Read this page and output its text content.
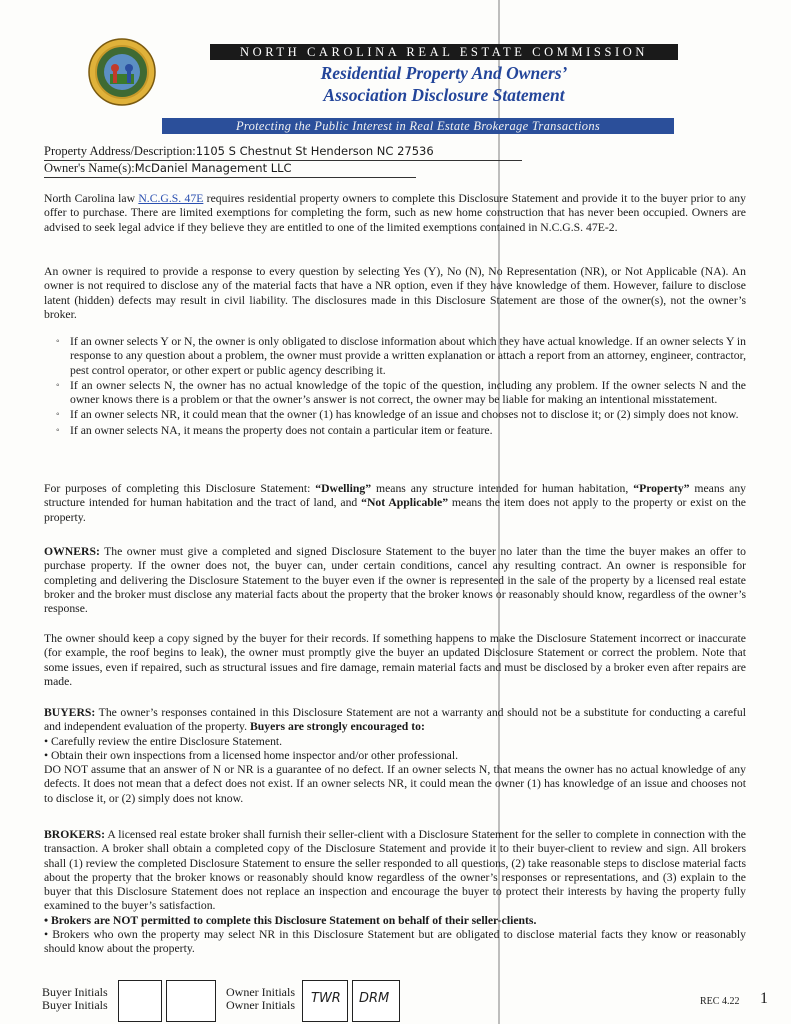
NORTH CAROLINA REAL ESTATE COMMISSION
Residential Property And Owners’
Association Disclosure Statement
Protecting the Public Interest in Real Estate Brokerage Transactions
Property Address/Description:1105 S Chestnut St Henderson NC 27536
Owner's Name(s):McDaniel Management LLC

North Carolina law N.C.G.S. 47E requires residential property owners to complete this Disclosure Statement and provide it to the buyer prior to any offer to purchase. There are limited exemptions for completing the form, such as new home construction that has never been occupied. Owners are advised to seek legal advice if they believe they are entitled to one of the limited exemptions contained in N.C.G.S. 47E-2.

An owner is required to provide a response to every question by selecting Yes (Y), No (N), No Representation (NR), or Not Applicable (NA). An owner is not required to disclose any of the material facts that have a NR option, even if they have knowledge of them. However, failure to disclose latent (hidden) defects may result in civil liability. The disclosures made in this Disclosure Statement are those of the owner(s), not the owner’s broker.

◦ If an owner selects Y or N, the owner is only obligated to disclose information about which they have actual knowledge. If an owner selects Y in response to any question about a problem, the owner must provide a written explanation or attach a report from an attorney, engineer, contractor, pest control operator, or other expert or public agency describing it.
◦ If an owner selects N, the owner has no actual knowledge of the topic of the question, including any problem. If the owner selects N and the owner knows there is a problem or that the owner’s answer is not correct, the owner may be liable for making an intentional misstatement.
◦ If an owner selects NR, it could mean that the owner (1) has knowledge of an issue and chooses not to disclose it; or (2) simply does not know.
◦ If an owner selects NA, it means the property does not contain a particular item or feature.

For purposes of completing this Disclosure Statement: “Dwelling” means any structure intended for human habitation, “Property” means any structure intended for human habitation and the tract of land, and “Not Applicable” means the item does not apply to the property or exist on the property.

OWNERS: The owner must give a completed and signed Disclosure Statement to the buyer no later than the time the buyer makes an offer to purchase property. If the owner does not, the buyer can, under certain conditions, cancel any resulting contract. An owner is responsible for completing and delivering the Disclosure Statement to the buyer even if the owner is represented in the sale of the property by a licensed real estate broker and the broker must disclose any material facts about the property that the broker knows or reasonably should know, regardless of the owner’s response.

The owner should keep a copy signed by the buyer for their records. If something happens to make the Disclosure Statement incorrect or inaccurate (for example, the roof begins to leak), the owner must promptly give the buyer an updated Disclosure Statement or correct the problem. Note that some issues, even if repaired, such as structural issues and fire damage, remain material facts and must be disclosed by a broker even after repairs are made.

BUYERS: The owner’s responses contained in this Disclosure Statement are not a warranty and should not be a substitute for conducting a careful and independent evaluation of the property. Buyers are strongly encouraged to:
• Carefully review the entire Disclosure Statement.
• Obtain their own inspections from a licensed home inspector and/or other professional.
DO NOT assume that an answer of N or NR is a guarantee of no defect. If an owner selects N, that means the owner has no actual knowledge of any defects. It does not mean that a defect does not exist. If an owner selects NR, it could mean the owner (1) has knowledge of an issue and chooses not to disclose it, or (2) simply does not know.
BROKERS: A licensed real estate broker shall furnish their seller-client with a Disclosure Statement for the seller to complete in connection with the transaction. A broker shall obtain a completed copy of the Disclosure Statement and provide it to their buyer-client to review and sign. All brokers shall (1) review the completed Disclosure Statement to ensure the seller responded to all questions, (2) take reasonable steps to disclose material facts about the property that the broker knows or reasonably should know regardless of the owner’s responses or representations, and (3) explain to the buyer that this Disclosure Statement does not replace an inspection and encourage the buyer to protect their interests by having the property fully examined to the buyer’s satisfaction.
• Brokers are NOT permitted to complete this Disclosure Statement on behalf of their seller-clients.
• Brokers who own the property may select NR in this Disclosure Statement but are obligated to disclose material facts they know or reasonably should know about the property.
Buyer Initials
Buyer Initials
Owner Initials
Owner Initials TWR DRM	REC 4.22 1
